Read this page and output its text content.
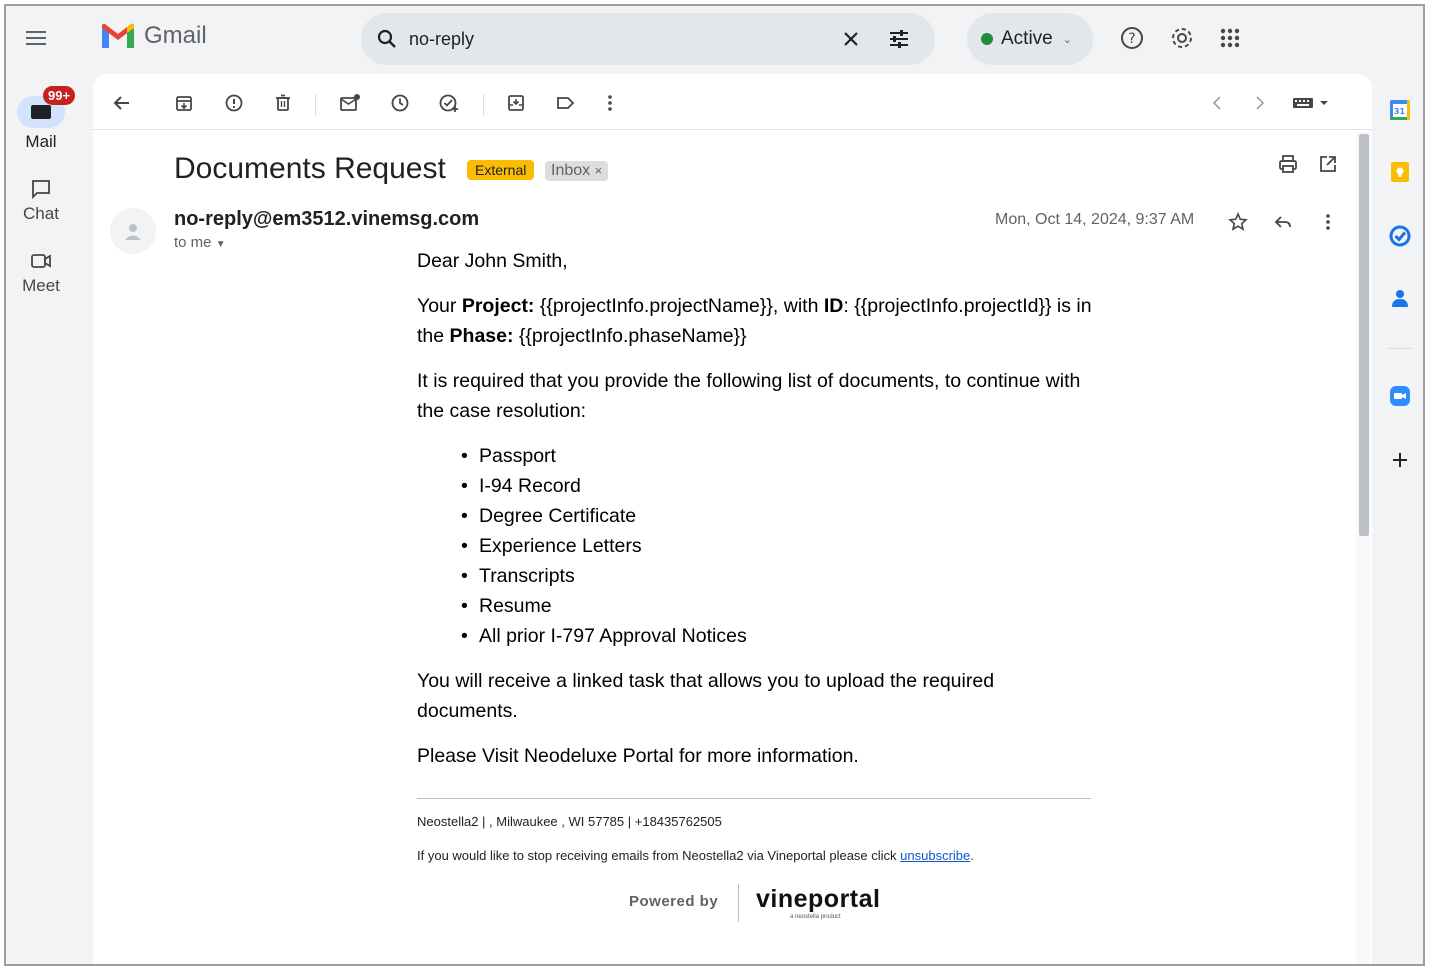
Gmail
no-reply	Active ⌄	?
99+
Mail
Chat
Meet
Documents Request	External	Inbox ×
no-reply@em3512.vinemsg.com
to me ▼
Mon, Oct 14, 2024, 9:37 AM

Dear John Smith,

Your Project: {{projectInfo.projectName}}, with ID: {{projectInfo.projectId}} is in the Phase: {{projectInfo.phaseName}}

It is required that you provide the following list of documents, to continue with the case resolution:

• Passport
• I-94 Record
• Degree Certificate
• Experience Letters
• Transcripts
• Resume
• All prior I-797 Approval Notices

You will receive a linked task that allows you to upload the required documents.

Please Visit Neodeluxe Portal for more information.

Neostella2 | , Milwaukee , WI 57785 | +18435762505
If you would like to stop receiving emails from Neostella2 via Vineportal please click unsubscribe.
Powered by vineportal
a neostella product
31
